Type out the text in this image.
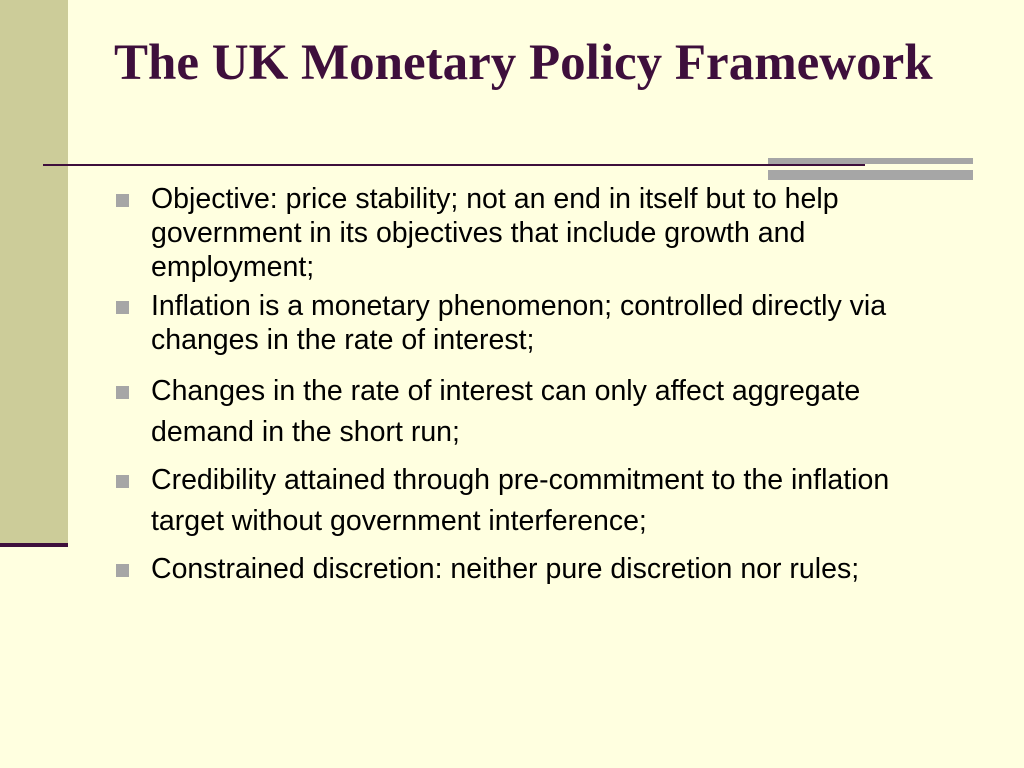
The UK Monetary Policy Framework
Objective: price stability; not an end in itself but to help government in its objectives that include growth and employment;
Inflation is a monetary phenomenon; controlled directly via changes in the rate of interest;
Changes in the rate of interest can only affect aggregate demand in the short run;
Credibility attained through pre-commitment to the inflation target without government interference;
Constrained discretion: neither pure discretion nor rules;
